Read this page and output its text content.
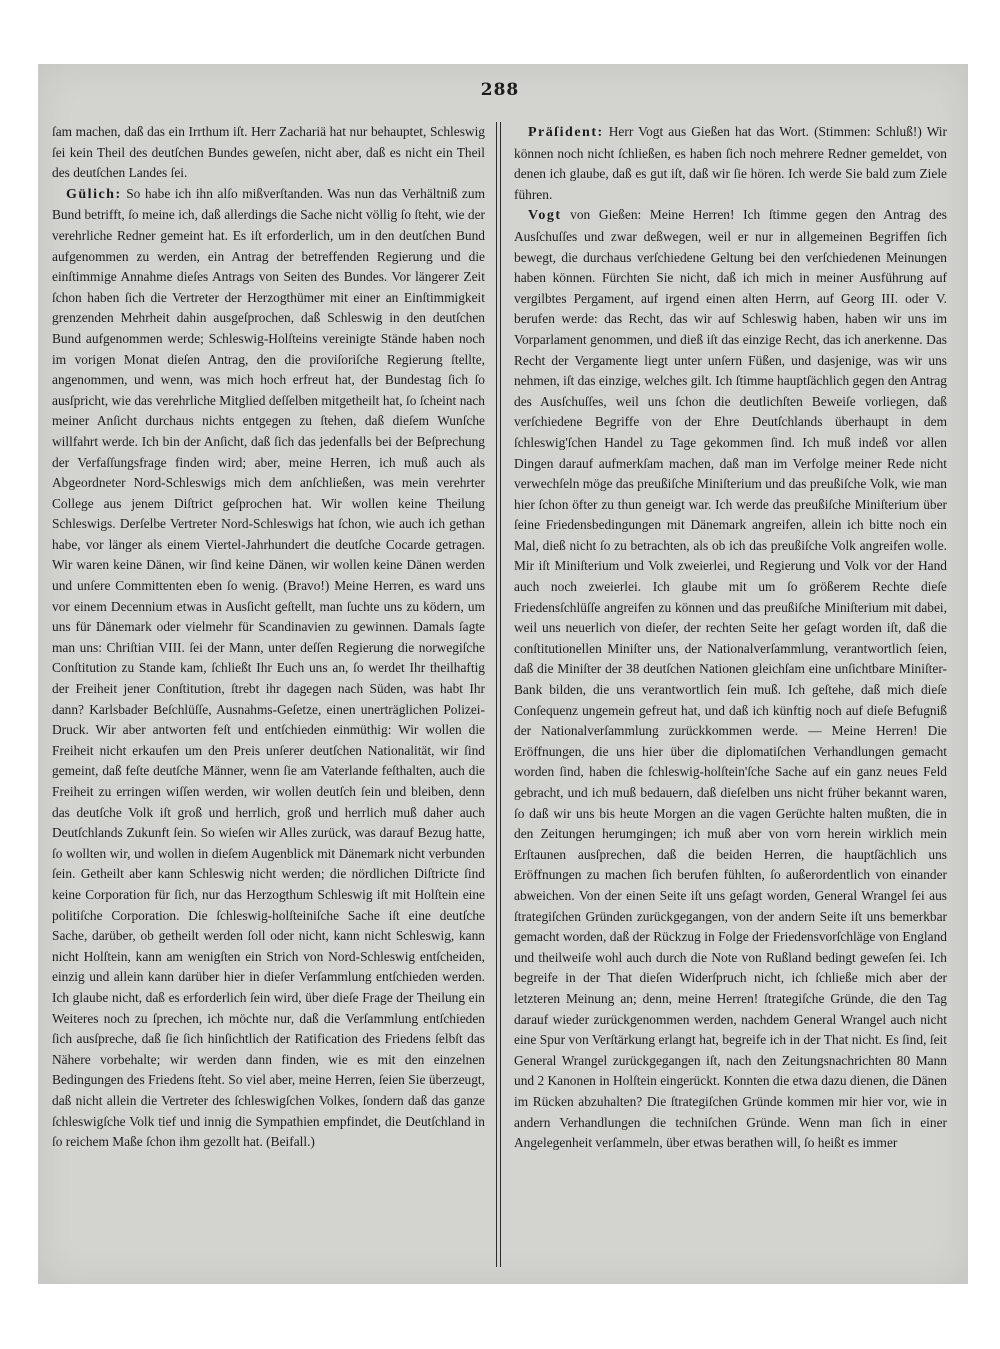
288

ſam machen, daß das ein Irrthum iſt. Herr Zachariä hat nur behauptet, Schleswig ſei kein Theil des deutſchen Bundes geweſen, nicht aber, daß es nicht ein Theil des deutſchen Landes ſei.

Gülich: So habe ich ihn alſo mißverſtanden. Was nun das Verhältniß zum Bund betrifft, ſo meine ich, daß allerdings die Sache nicht völlig ſo ſteht, wie der verehrliche Redner gemeint hat. Es iſt erforderlich, um in den deutſchen Bund aufgenommen zu werden, ein Antrag der betreffenden Regierung und die einſtimmige Annahme dieſes Antrags von Seiten des Bundes. Vor längerer Zeit ſchon haben ſich die Vertreter der Herzogthümer mit einer an Einſtimmigkeit grenzenden Mehrheit dahin ausgeſprochen, daß Schleswig in den deutſchen Bund aufgenommen werde; Schleswig-Holſteins vereinigte Stände haben noch im vorigen Monat dieſen Antrag, den die proviſoriſche Regierung ſtellte, angenommen, und wenn, was mich hoch erfreut hat, der Bundestag ſich ſo ausſpricht, wie das verehrliche Mitglied deſſelben mitgetheilt hat, ſo ſcheint nach meiner Anſicht durchaus nichts entgegen zu ſtehen, daß dieſem Wunſche willfahrt werde. Ich bin der Anſicht, daß ſich das jedenfalls bei der Beſprechung der Verfaſſungsfrage finden wird; aber, meine Herren, ich muß auch als Abgeordneter Nord-Schleswigs mich dem anſchließen, was mein verehrter College aus jenem Diſtrict geſprochen hat. Wir wollen keine Theilung Schleswigs. Derſelbe Vertreter Nord-Schleswigs hat ſchon, wie auch ich gethan habe, vor länger als einem Viertel-Jahrhundert die deutſche Cocarde getragen. Wir waren keine Dänen, wir ſind keine Dänen, wir wollen keine Dänen werden und unſere Committenten eben ſo wenig. (Bravo!) Meine Herren, es ward uns vor einem Decennium etwas in Ausſicht geſtellt, man ſuchte uns zu ködern, um uns für Dänemark oder vielmehr für Scandinavien zu gewinnen. Damals ſagte man uns: Chriſtian VIII. ſei der Mann, unter deſſen Regierung die norwegiſche Conſtitution zu Stande kam, ſchließt Ihr Euch uns an, ſo werdet Ihr theilhaftig der Freiheit jener Conſtitution, ſtrebt ihr dagegen nach Süden, was habt Ihr dann? Karlsbader Beſchlüſſe, Ausnahms-Geſetze, einen unerträglichen Polizei-Druck. Wir aber antworten feſt und entſchieden einmüthig: Wir wollen die Freiheit nicht erkaufen um den Preis unſerer deutſchen Nationalität, wir ſind gemeint, daß feſte deutſche Männer, wenn ſie am Vaterlande feſthalten, auch die Freiheit zu erringen wiſſen werden, wir wollen deutſch ſein und bleiben, denn das deutſche Volk iſt groß und herrlich, groß und herrlich muß daher auch Deutſchlands Zukunft ſein. So wieſen wir Alles zurück, was darauf Bezug hatte, ſo wollten wir, und wollen in dieſem Augenblick mit Dänemark nicht verbunden ſein. Getheilt aber kann Schleswig nicht werden; die nördlichen Diſtricte ſind keine Corporation für ſich, nur das Herzogthum Schleswig iſt mit Holſtein eine politiſche Corporation. Die ſchleswig-holſteiniſche Sache iſt eine deutſche Sache, darüber, ob getheilt werden ſoll oder nicht, kann nicht Schleswig, kann nicht Holſtein, kann am wenigſten ein Strich von Nord-Schleswig entſcheiden, einzig und allein kann darüber hier in dieſer Verſammlung entſchieden werden. Ich glaube nicht, daß es erforderlich ſein wird, über dieſe Frage der Theilung ein Weiteres noch zu ſprechen, ich möchte nur, daß die Verſammlung entſchieden ſich ausſpreche, daß ſie ſich hinſichtlich der Ratification des Friedens ſelbſt das Nähere vorbehalte; wir werden dann finden, wie es mit den einzelnen Bedingungen des Friedens ſteht. So viel aber, meine Herren, ſeien Sie überzeugt, daß nicht allein die Vertreter des ſchleswigſchen Volkes, ſondern daß das ganze ſchleswigſche Volk tief und innig die Sympathien empfindet, die Deutſchland in ſo reichem Maße ſchon ihm gezollt hat. (Beifall.)

Präſident: Herr Vogt aus Gießen hat das Wort. (Stimmen: Schluß!) Wir können noch nicht ſchließen, es haben ſich noch mehrere Redner gemeldet, von denen ich glaube, daß es gut iſt, daß wir ſie hören. Ich werde Sie bald zum Ziele führen.

Vogt von Gießen: Meine Herren! Ich ſtimme gegen den Antrag des Ausſchuſſes und zwar deßwegen, weil er nur in allgemeinen Begriffen ſich bewegt, die durchaus verſchiedene Geltung bei den verſchiedenen Meinungen haben können. Fürchten Sie nicht, daß ich mich in meiner Ausführung auf vergilbtes Pergament, auf irgend einen alten Herrn, auf Georg III. oder V. berufen werde: das Recht, das wir auf Schleswig haben, haben wir uns im Vorparlament genommen, und dieß iſt das einzige Recht, das ich anerkenne. Das Recht der Vergamente liegt unter unſern Füßen, und dasjenige, was wir uns nehmen, iſt das einzige, welches gilt. Ich ſtimme hauptſächlich gegen den Antrag des Ausſchuſſes, weil uns ſchon die deutlichſten Beweiſe vorliegen, daß verſchiedene Begriffe von der Ehre Deutſchlands überhaupt in dem ſchleswig'ſchen Handel zu Tage gekommen ſind. Ich muß indeß vor allen Dingen darauf aufmerkſam machen, daß man im Verfolge meiner Rede nicht verwechſeln möge das preußiſche Miniſterium und das preußiſche Volk, wie man hier ſchon öfter zu thun geneigt war. Ich werde das preußiſche Miniſterium über ſeine Friedensbedingungen mit Dänemark angreifen, allein ich bitte noch ein Mal, dieß nicht ſo zu betrachten, als ob ich das preußiſche Volk angreifen wolle. Mir iſt Miniſterium und Volk zweierlei, und Regierung und Volk vor der Hand auch noch zweierlei. Ich glaube mit um ſo größerem Rechte dieſe Friedensſchlüſſe angreifen zu können und das preußiſche Miniſterium mit dabei, weil uns neuerlich von dieſer, der rechten Seite her geſagt worden iſt, daß die conſtitutionellen Miniſter uns, der Nationalverſammlung, verantwortlich ſeien, daß die Miniſter der 38 deutſchen Nationen gleichſam eine unſichtbare Miniſter-Bank bilden, die uns verantwortlich ſein muß. Ich geſtehe, daß mich dieſe Conſequenz ungemein gefreut hat, und daß ich künftig noch auf dieſe Befugniß der Nationalverſammlung zurückkommen werde. — Meine Herren! Die Eröffnungen, die uns hier über die diplomatiſchen Verhandlungen gemacht worden ſind, haben die ſchleswig-holſtein'ſche Sache auf ein ganz neues Feld gebracht, und ich muß bedauern, daß dieſelben uns nicht früher bekannt waren, ſo daß wir uns bis heute Morgen an die vagen Gerüchte halten mußten, die in den Zeitungen herumgingen; ich muß aber von vorn herein wirklich mein Erſtaunen ausſprechen, daß die beiden Herren, die hauptſächlich uns Eröffnungen zu machen ſich berufen fühlten, ſo außerordentlich von einander abweichen. Von der einen Seite iſt uns geſagt worden, General Wrangel ſei aus ſtrategiſchen Gründen zurückgegangen, von der andern Seite iſt uns bemerkbar gemacht worden, daß der Rückzug in Folge der Friedensvorſchläge von England und theilweiſe wohl auch durch die Note von Rußland bedingt geweſen ſei. Ich begreife in der That dieſen Widerſpruch nicht, ich ſchließe mich aber der letzteren Meinung an; denn, meine Herren! ſtrategiſche Gründe, die den Tag darauf wieder zurückgenommen werden, nachdem General Wrangel auch nicht eine Spur von Verſtärkung erlangt hat, begreife ich in der That nicht. Es ſind, ſeit General Wrangel zurückgegangen iſt, nach den Zeitungsnachrichten 80 Mann und 2 Kanonen in Holſtein eingerückt. Konnten die etwa dazu dienen, die Dänen im Rücken abzuhalten? Die ſtrategiſchen Gründe kommen mir hier vor, wie in andern Verhandlungen die techniſchen Gründe. Wenn man ſich in einer Angelegenheit verſammeln, über etwas berathen will, ſo heißt es immer
